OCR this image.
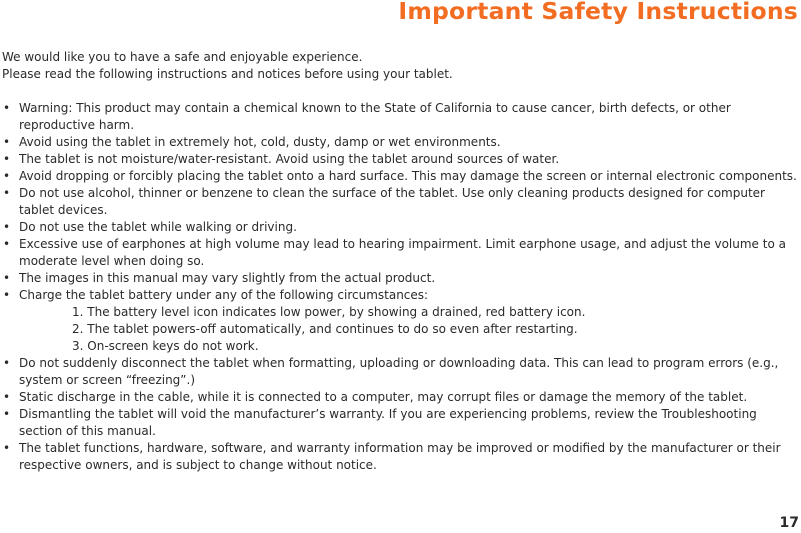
Important Safety Instructions
We would like you to have a safe and enjoyable experience.
Please read the following instructions and notices before using your tablet.
• Warning: This product may contain a chemical known to the State of California to cause cancer, birth defects, or other reproductive harm.
• Avoid using the tablet in extremely hot, cold, dusty, damp or wet environments.
• The tablet is not moisture/water-resistant. Avoid using the tablet around sources of water.
• Avoid dropping or forcibly placing the tablet onto a hard surface. This may damage the screen or internal electronic components.
• Do not use alcohol, thinner or benzene to clean the surface of the tablet. Use only cleaning products designed for computer tablet devices.
• Do not use the tablet while walking or driving.
• Excessive use of earphones at high volume may lead to hearing impairment. Limit earphone usage, and adjust the volume to a moderate level when doing so.
• The images in this manual may vary slightly from the actual product.
• Charge the tablet battery under any of the following circumstances:
1. The battery level icon indicates low power, by showing a drained, red battery icon.
2. The tablet powers-off automatically, and continues to do so even after restarting.
3. On-screen keys do not work.
• Do not suddenly disconnect the tablet when formatting, uploading or downloading data. This can lead to program errors (e.g., system or screen “freezing”.)
• Static discharge in the cable, while it is connected to a computer, may corrupt files or damage the memory of the tablet.
• Dismantling the tablet will void the manufacturer’s warranty. If you are experiencing problems, review the Troubleshooting section of this manual.
• The tablet functions, hardware, software, and warranty information may be improved or modified by the manufacturer or their respective owners, and is subject to change without notice.
17
